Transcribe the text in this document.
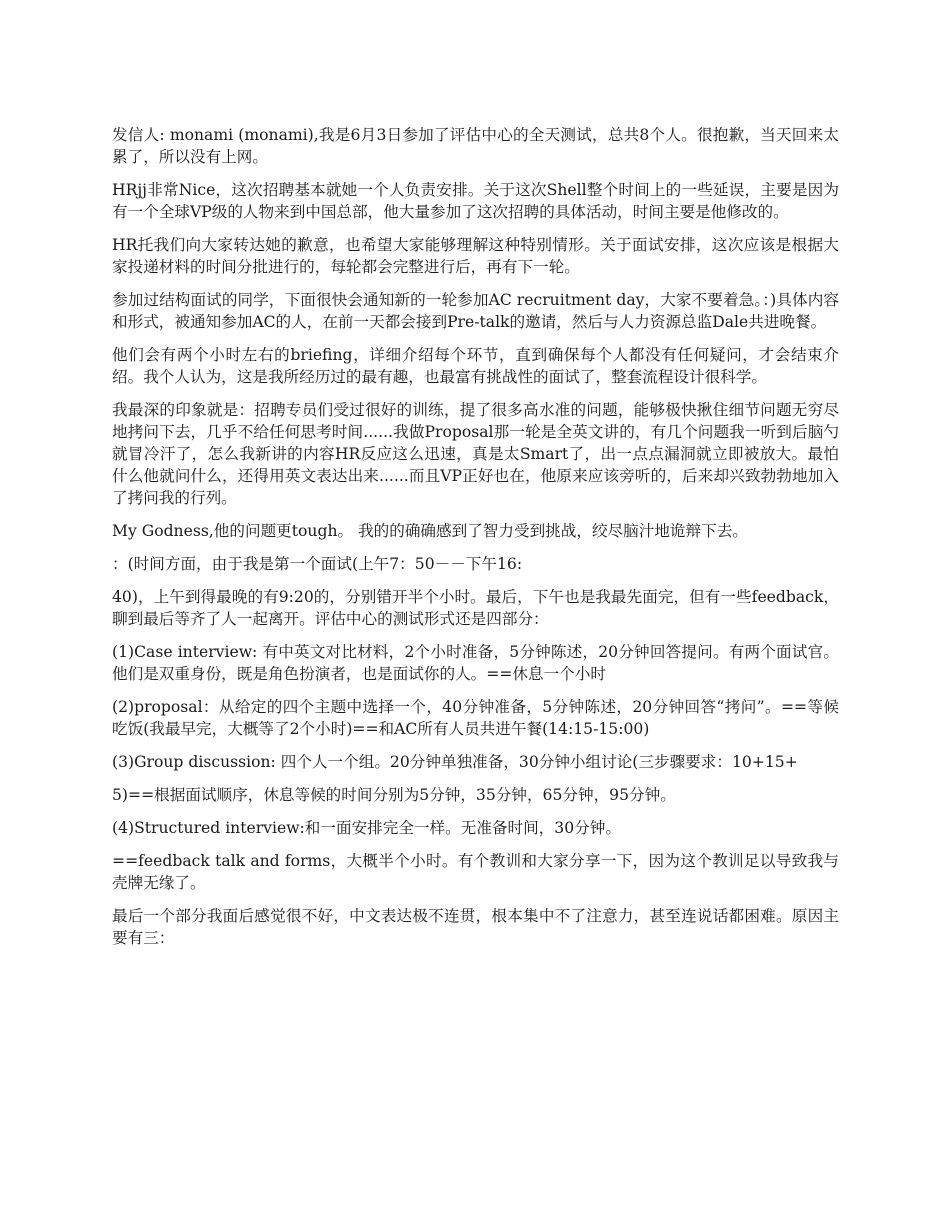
发信人: monami (monami),我是6月3日参加了评估中心的全天测试，总共8个人。很抱歉，当天回来太累了，所以没有上网。

HRjj非常Nice，这次招聘基本就她一个人负责安排。关于这次Shell整个时间上的一些延误，主要是因为有一个全球VP级的人物来到中国总部，他大量参加了这次招聘的具体活动，时间主要是他修改的。

HR托我们向大家转达她的歉意，也希望大家能够理解这种特别情形。关于面试安排，这次应该是根据大家投递材料的时间分批进行的，每轮都会完整进行后，再有下一轮。

参加过结构面试的同学，下面很快会通知新的一轮参加AC recruitment day，大家不要着急。：)具体内容和形式，被通知参加AC的人，在前一天都会接到Pre-talk的邀请，然后与人力资源总监Dale共进晚餐。

他们会有两个小时左右的briefing，详细介绍每个环节，直到确保每个人都没有任何疑问，才会结束介绍。我个人认为，这是我所经历过的最有趣，也最富有挑战性的面试了，整套流程设计很科学。

我最深的印象就是：招聘专员们受过很好的训练，提了很多高水准的问题，能够极快揪住细节问题无穷尽地拷问下去，几乎不给任何思考时间......我做Proposal那一轮是全英文讲的，有几个问题我一听到后脑勺就冒冷汗了，怎么我新讲的内容HR反应这么迅速，真是太Smart了，出一点点漏洞就立即被放大。最怕什么他就问什么，还得用英文表达出来......而且VP正好也在，他原来应该旁听的，后来却兴致勃勃地加入了拷问我的行列。

My Godness,他的问题更tough。 我的的确确感到了智力受到挑战，绞尽脑汁地诡辩下去。

：(时间方面，由于我是第一个面试(上午7：50－－下午16:

40)，上午到得最晚的有9:20的，分别错开半个小时。最后，下午也是我最先面完，但有一些feedback，聊到最后等齐了人一起离开。评估中心的测试形式还是四部分：

(1)Case interview: 有中英文对比材料，2个小时准备，5分钟陈述，20分钟回答提问。有两个面试官。他们是双重身份，既是角色扮演者，也是面试你的人。==休息一个小时

(2)proposal：从给定的四个主题中选择一个，40分钟准备，5分钟陈述，20分钟回答“拷问”。==等候吃饭(我最早完，大概等了2个小时)==和AC所有人员共进午餐(14:15-15:00)

(3)Group discussion: 四个人一个组。20分钟单独准备，30分钟小组讨论(三步骤要求：10+15+

5)==根据面试顺序，休息等候的时间分别为5分钟，35分钟，65分钟，95分钟。

(4)Structured interview:和一面安排完全一样。无准备时间，30分钟。

==feedback talk and forms，大概半个小时。有个教训和大家分享一下，因为这个教训足以导致我与壳牌无缘了。

最后一个部分我面后感觉很不好，中文表达极不连贯，根本集中不了注意力，甚至连说话都困难。原因主要有三：
